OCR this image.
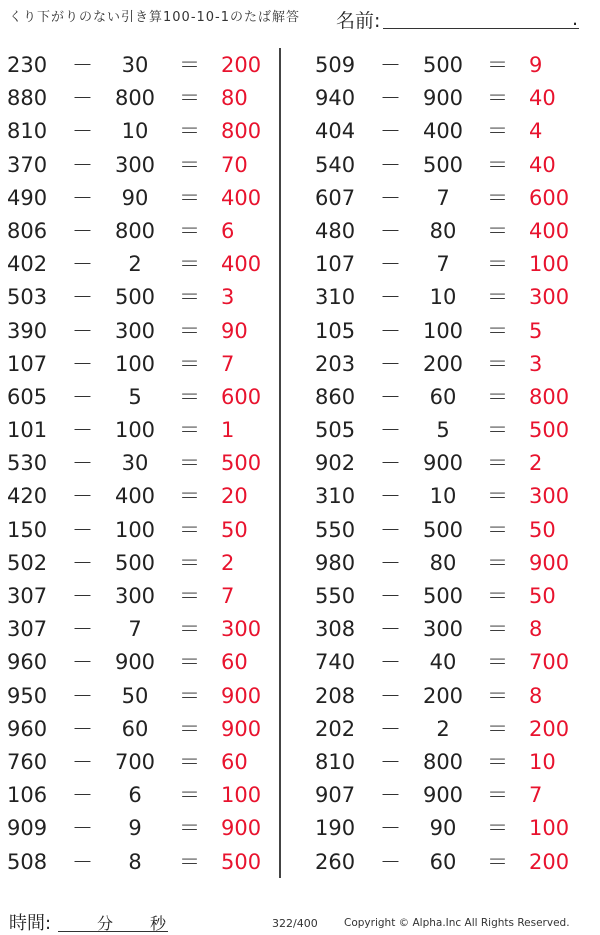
くり下がりのない引き算100-10-1のたば解答 名前:	.
230	－	30	＝ 200
880	－	800	＝ 80
810	－	10	＝ 800
370	－	300	＝ 70
490	－	90	＝ 400
806	－	800	＝ 6
402	－	2	＝ 400
503	－	500	＝ 3
390	－	300	＝ 90
107	－	100	＝ 7
605	－	5	＝ 600
101	－	100	＝ 1
530	－	30	＝ 500
420	－	400	＝ 20
150	－	100	＝ 50
502	－	500	＝ 2
307	－	300	＝ 7
307	－	7	＝ 300
960	－	900	＝ 60
950	－	50	＝ 900
960	－	60	＝ 900
760	－	700	＝ 60
106	－	6	＝ 100
909	－	9	＝ 900
508	－	8	＝ 500
509	－	500	＝ 9
940	－	900	＝ 40
404	－	400	＝ 4
540	－	500	＝ 40
607	－	7	＝ 600
480	－	80	＝ 400
107	－	7	＝ 100
310	－	10	＝ 300
105	－	100	＝ 5
203	－	200	＝ 3
860	－	60	＝ 800
505	－	5	＝ 500
902	－	900	＝ 2
310	－	10	＝ 300
550	－	500	＝ 50
980	－	80	＝ 900
550	－	500	＝ 50
308	－	300	＝ 8
740	－	40	＝ 700
208	－	200	＝ 8
202	－	2	＝ 200
810	－	800	＝ 10
907	－	900	＝ 7
190	－	90	＝ 100
260	－	60	＝ 200
時間:	分 秒	322/400	Copyright © Alpha.Inc All Rights Reserved.
